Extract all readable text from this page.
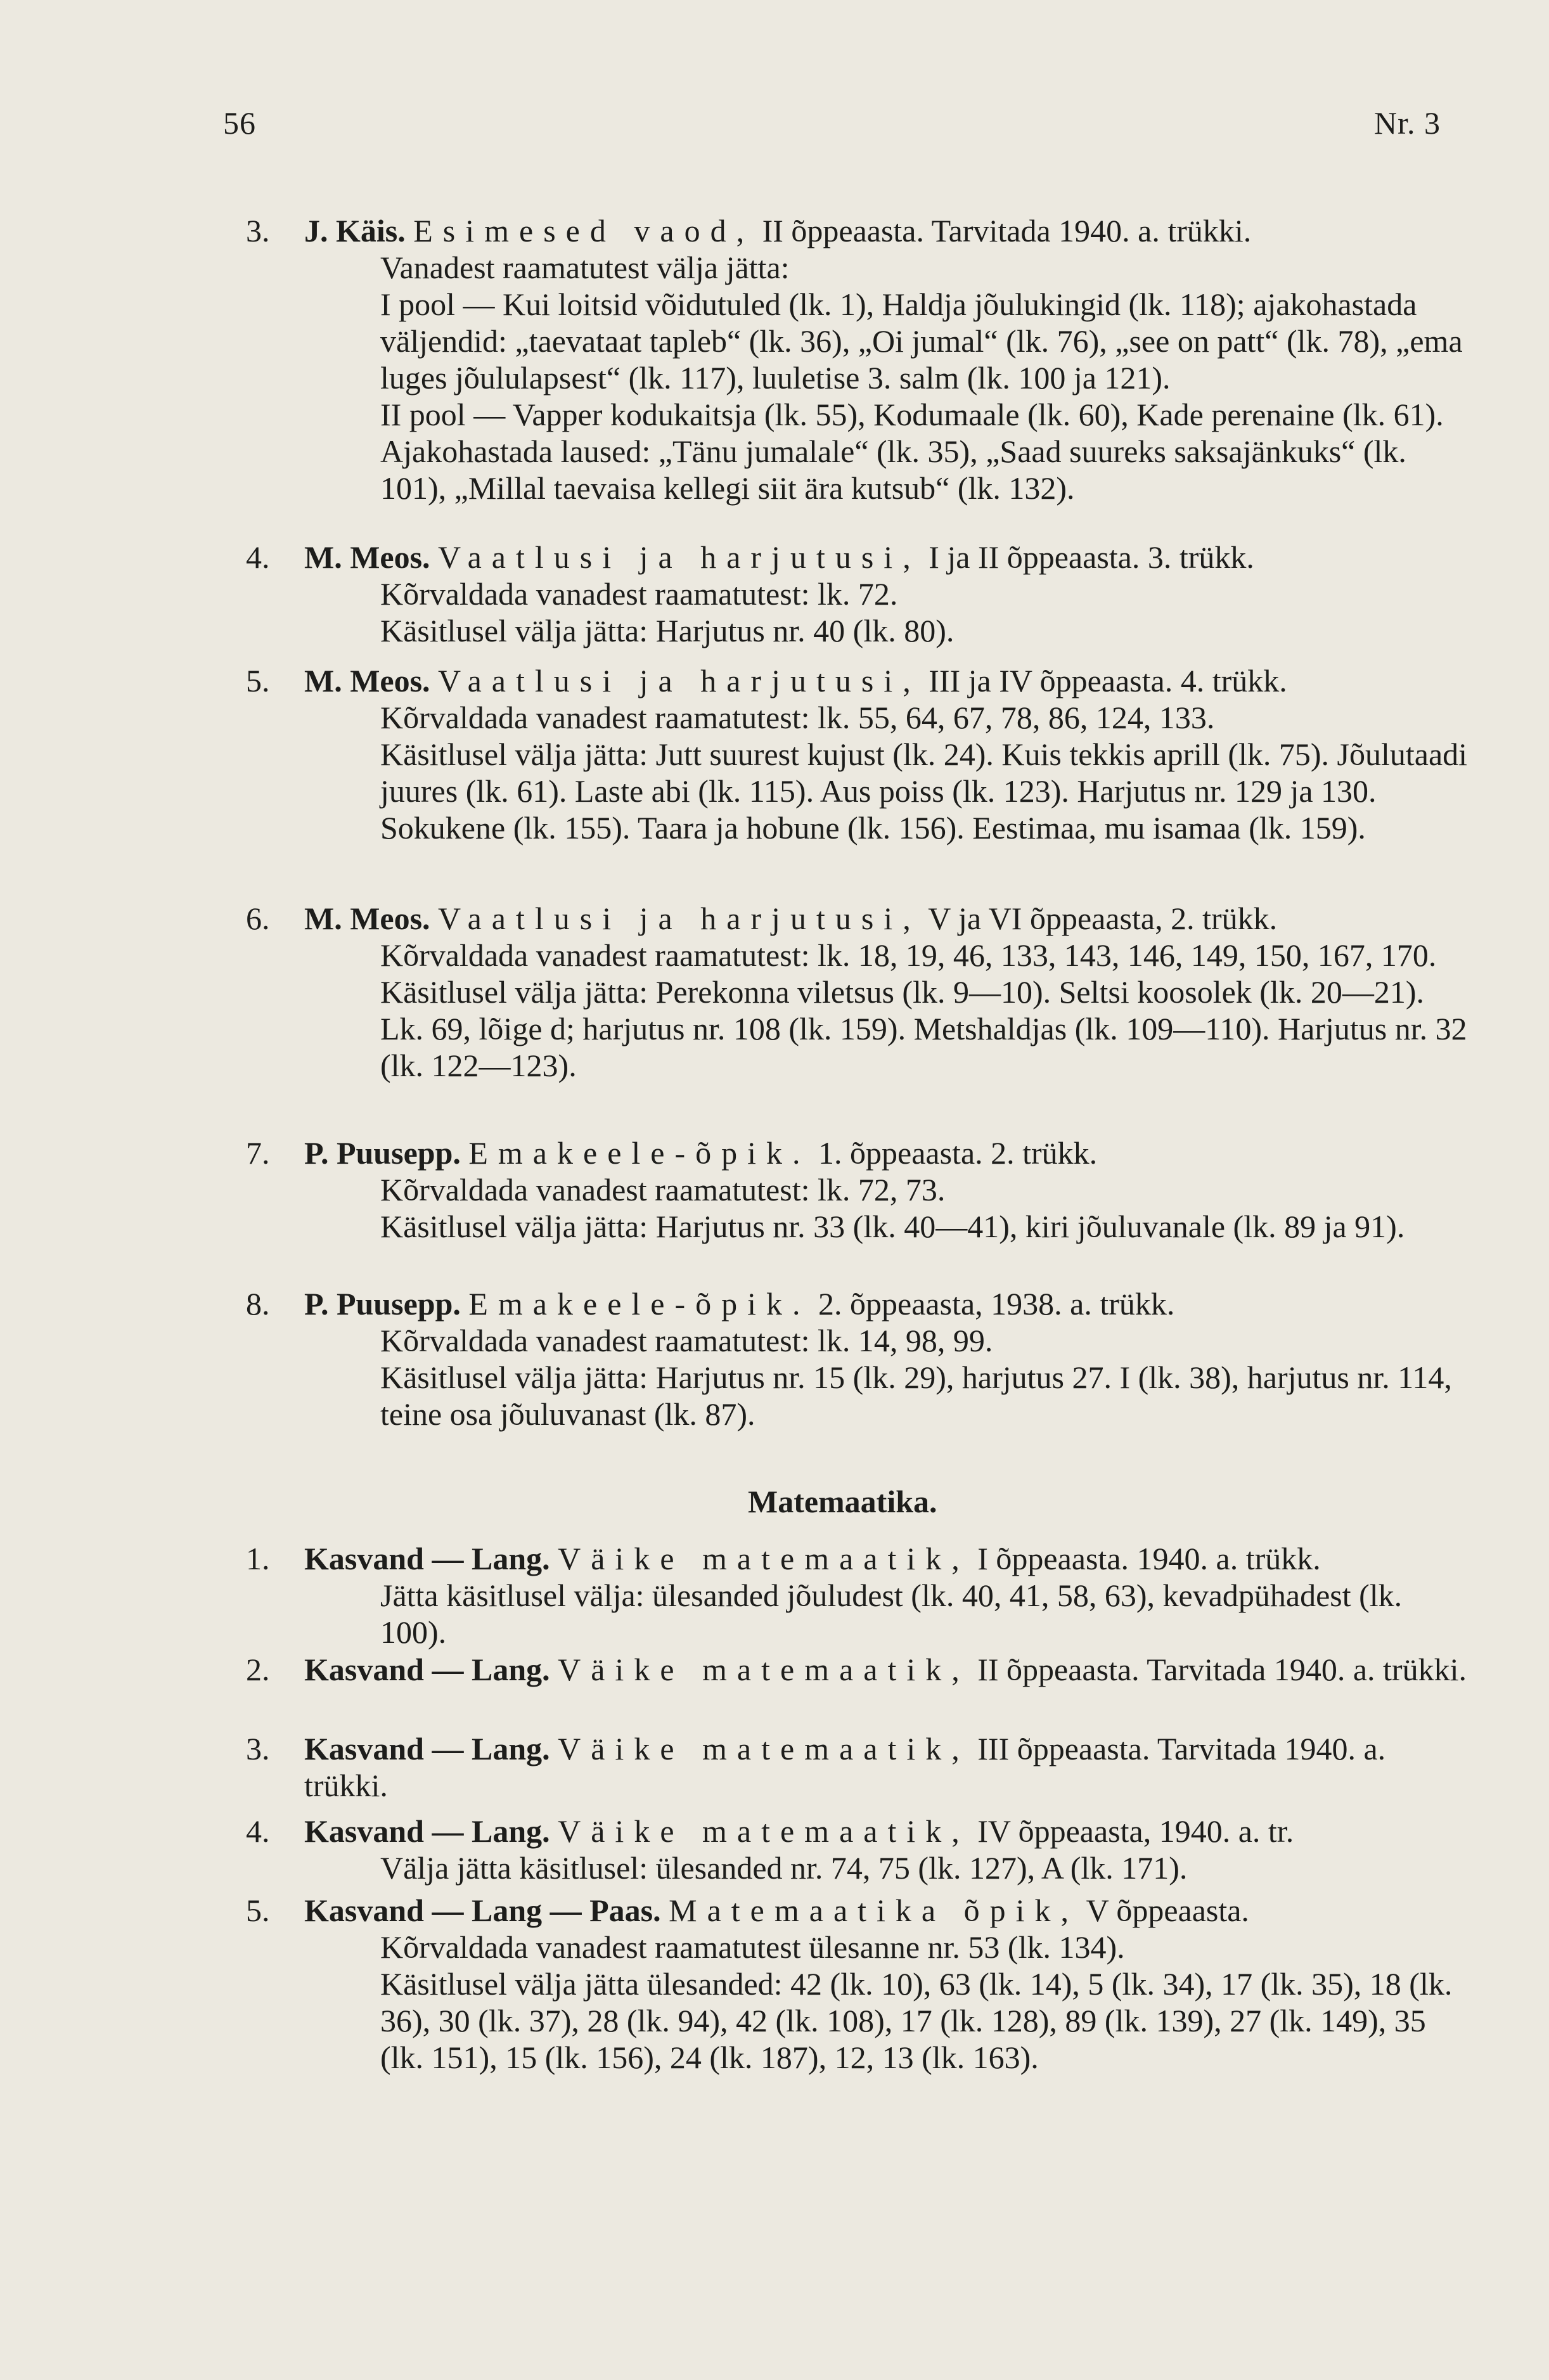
56	Nr. 3
Matemaatika.
3.	J. Käis. Esimesed vaod, II õppeaasta. Tarvitada 1940. a. trükki.

Vanadest raamatutest välja jätta:

I pool — Kui loitsid võidutuled (lk. 1), Haldja jõulukingid (lk. 118); ajakohastada väljendid: „taevataat tapleb“ (lk. 36), „Oi jumal“ (lk. 76), „see on patt“ (lk. 78), „ema luges jõululapsest“ (lk. 117), luuletise 3. salm (lk. 100 ja 121).

II pool — Vapper kodukaitsja (lk. 55), Kodumaale (lk. 60), Kade perenaine (lk. 61). Ajakohastada laused: „Tänu jumalale“ (lk. 35), „Saad suureks saksajänkuks“ (lk. 101), „Millal taevaisa kellegi siit ära kutsub“ (lk. 132).

4.	M. Meos. Vaatlusi ja harjutusi, I ja II õppeaasta. 3. trükk.

Kõrvaldada vanadest raamatutest: lk. 72.

Käsitlusel välja jätta: Harjutus nr. 40 (lk. 80).

5.	M. Meos. Vaatlusi ja harjutusi, III ja IV õppeaasta. 4. trükk.

Kõrvaldada vanadest raamatutest: lk. 55, 64, 67, 78, 86, 124, 133.

Käsitlusel välja jätta: Jutt suurest kujust (lk. 24). Kuis tekkis aprill (lk. 75). Jõulutaadi juures (lk. 61). Laste abi (lk. 115). Aus poiss (lk. 123). Harjutus nr. 129 ja 130. Sokukene (lk. 155). Taara ja hobune (lk. 156). Eestimaa, mu isamaa (lk. 159).

6.	M. Meos. Vaatlusi ja harjutusi, V ja VI õppeaasta, 2. trükk.

Kõrvaldada vanadest raamatutest: lk. 18, 19, 46, 133, 143, 146, 149, 150, 167, 170.

Käsitlusel välja jätta: Perekonna viletsus (lk. 9—10). Seltsi koosolek (lk. 20—21). Lk. 69, lõige d; harjutus nr. 108 (lk. 159). Metshaldjas (lk. 109—110). Harjutus nr. 32 (lk. 122—123).

7.	P. Puusepp. Emakeele-õpik. 1. õppeaasta. 2. trükk.

Kõrvaldada vanadest raamatutest: lk. 72, 73.

Käsitlusel välja jätta: Harjutus nr. 33 (lk. 40—41), kiri jõuluvanale (lk. 89 ja 91).

8.	P. Puusepp. Emakeele-õpik. 2. õppeaasta, 1938. a. trükk.

Kõrvaldada vanadest raamatutest: lk. 14, 98, 99.

Käsitlusel välja jätta: Harjutus nr. 15 (lk. 29), harjutus 27. I (lk. 38), harjutus nr. 114, teine osa jõuluvanast (lk. 87).

1.	Kasvand — Lang. Väike matemaatik, I õppeaasta. 1940. a. trükk.

Jätta käsitlusel välja: ülesanded jõuludest (lk. 40, 41, 58, 63), kevadpühadest (lk. 100).

2.	Kasvand — Lang. Väike matemaatik, II õppeaasta. Tarvitada 1940. a. trükki.

3.	Kasvand — Lang. Väike matemaatik, III õppeaasta. Tarvitada 1940. a. trükki.

4.	Kasvand — Lang. Väike matemaatik, IV õppeaasta, 1940. a. tr.

Välja jätta käsitlusel: ülesanded nr. 74, 75 (lk. 127), A (lk. 171).

5.	Kasvand — Lang — Paas. Matemaatika õpik, V õppeaasta.

Kõrvaldada vanadest raamatutest ülesanne nr. 53 (lk. 134).

Käsitlusel välja jätta ülesanded: 42 (lk. 10), 63 (lk. 14), 5 (lk. 34), 17 (lk. 35), 18 (lk. 36), 30 (lk. 37), 28 (lk. 94), 42 (lk. 108), 17 (lk. 128), 89 (lk. 139), 27 (lk. 149), 35 (lk. 151), 15 (lk. 156), 24 (lk. 187), 12, 13 (lk. 163).
